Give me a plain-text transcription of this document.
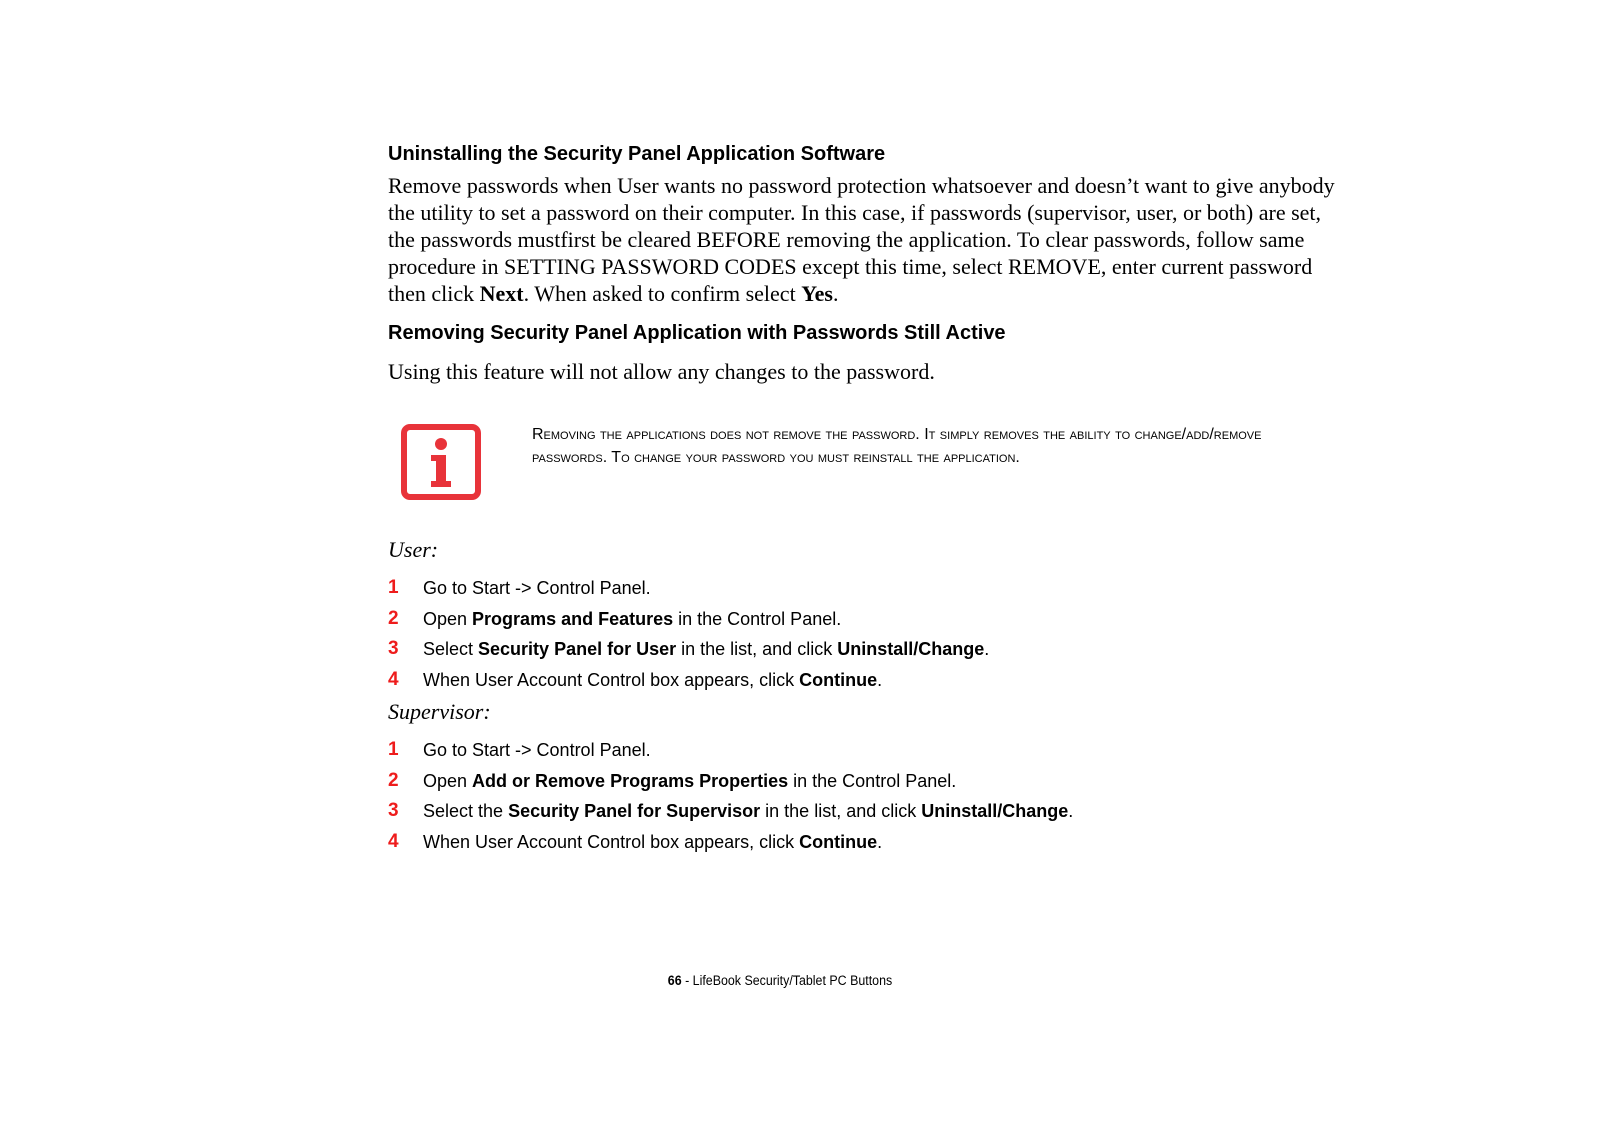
Uninstalling the Security Panel Application Software

Remove passwords when User wants no password protection whatsoever and doesn’t want to give anybody the utility to set a password on their computer. In this case, if passwords (supervisor, user, or both) are set, the passwords mustfirst be cleared BEFORE removing the application. To clear passwords, follow same procedure in SETTING PASSWORD CODES except this time, select REMOVE, enter current password then click Next. When asked to confirm select Yes.

Removing Security Panel Application with Passwords Still Active

Using this feature will not allow any changes to the password.

Removing the applications does not remove the password. It simply removes the ability to change/add/remove passwords. To change your password you must reinstall the application.

User:
1 Go to Start -> Control Panel.
2 Open Programs and Features in the Control Panel.
3 Select Security Panel for User in the list, and click Uninstall/Change.
4 When User Account Control box appears, click Continue.
Supervisor:
1 Go to Start -> Control Panel.
2 Open Add or Remove Programs Properties in the Control Panel.
3 Select the Security Panel for Supervisor in the list, and click Uninstall/Change.
4 When User Account Control box appears, click Continue.
66 - LifeBook Security/Tablet PC Buttons
